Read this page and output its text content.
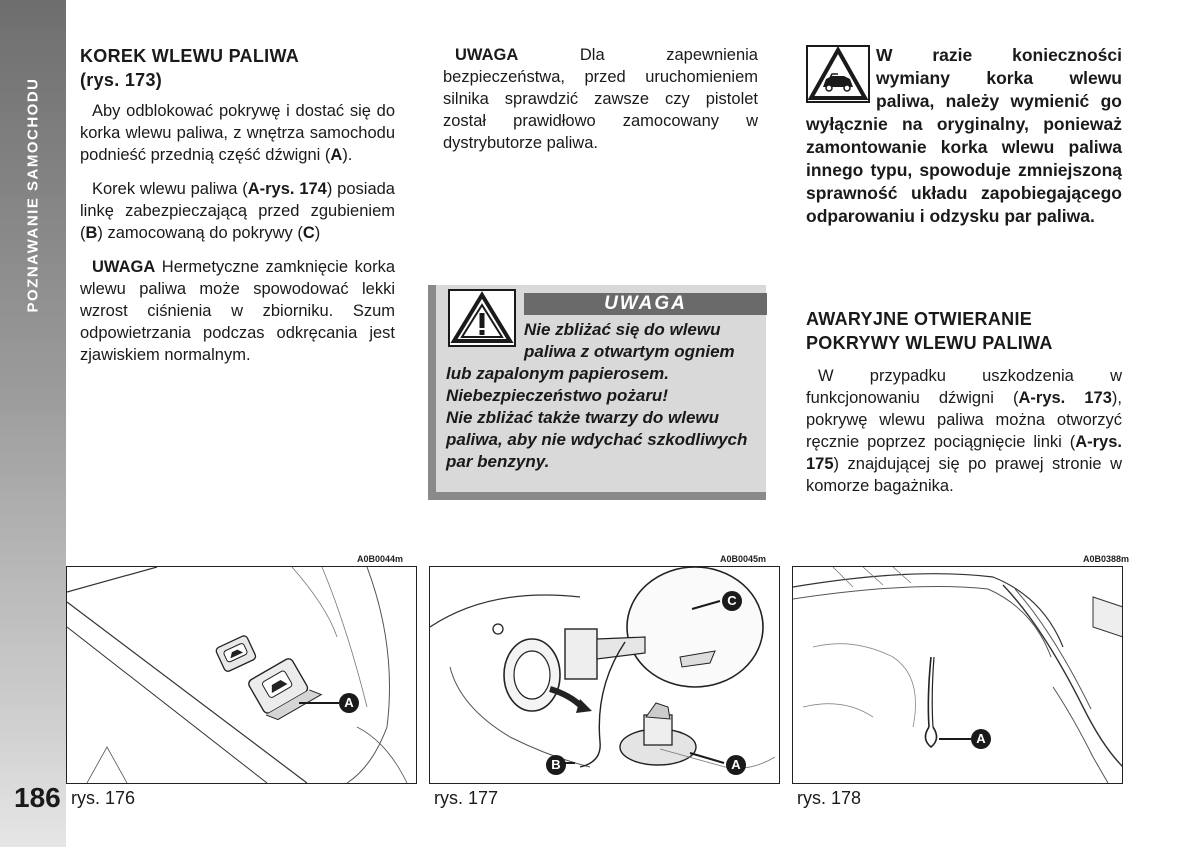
POZNAWANIE SAMOCHODU
186
KOREK WLEWU PALIWA
(rys. 173)

Aby odblokować pokrywę i dostać się do korka wlewu paliwa, z wnętrza samochodu podnieść przednią część dźwigni (A).

Korek wlewu paliwa (A-rys. 174) posiada linkę zabezpieczającą przed zgubieniem (B) zamocowaną do pokrywy (C)

UWAGA Hermetyczne zamknięcie korka wlewu paliwa może spowodować lekki wzrost ciśnienia w zbiorniku. Szum odpowietrzania podczas odkręcania jest zjawiskiem normalnym.

UWAGA Dla zapewnienia bezpieczeństwa, przed uruchomieniem silnika sprawdzić zawsze czy pistolet został prawidłowo zamocowany w dystrybutorze paliwa.

UWAGA
Nie zbliżać się do wlewu
paliwa z otwartym ogniem
lub zapalonym papierosem. Niebezpieczeństwo pożaru!
Nie zbliżać także twarzy do wlewu paliwa, aby nie wdychać szkodliwych par benzyny.
W razie konieczności wymiany korka wlewu paliwa, należy wymienić go wyłącznie na oryginalny, ponieważ zamontowanie korka wlewu paliwa innego typu, spowoduje zmniejszoną sprawność układu zapobiegającego odparowaniu i odzysku par paliwa.
AWARYJNE OTWIERANIE
POKRYWY WLEWU PALIWA

W przypadku uszkodzenia w funkcjonowaniu dźwigni (A-rys. 173), pokrywę wlewu paliwa można otworzyć ręcznie poprzez pociągnięcie linki (A-rys. 175) znajdującej się po prawej stronie w komorze bagażnika.

A0B0044m
A
rys. 176
A0B0045m
C
B	A
rys. 177
A0B0388m
A
rys. 178
